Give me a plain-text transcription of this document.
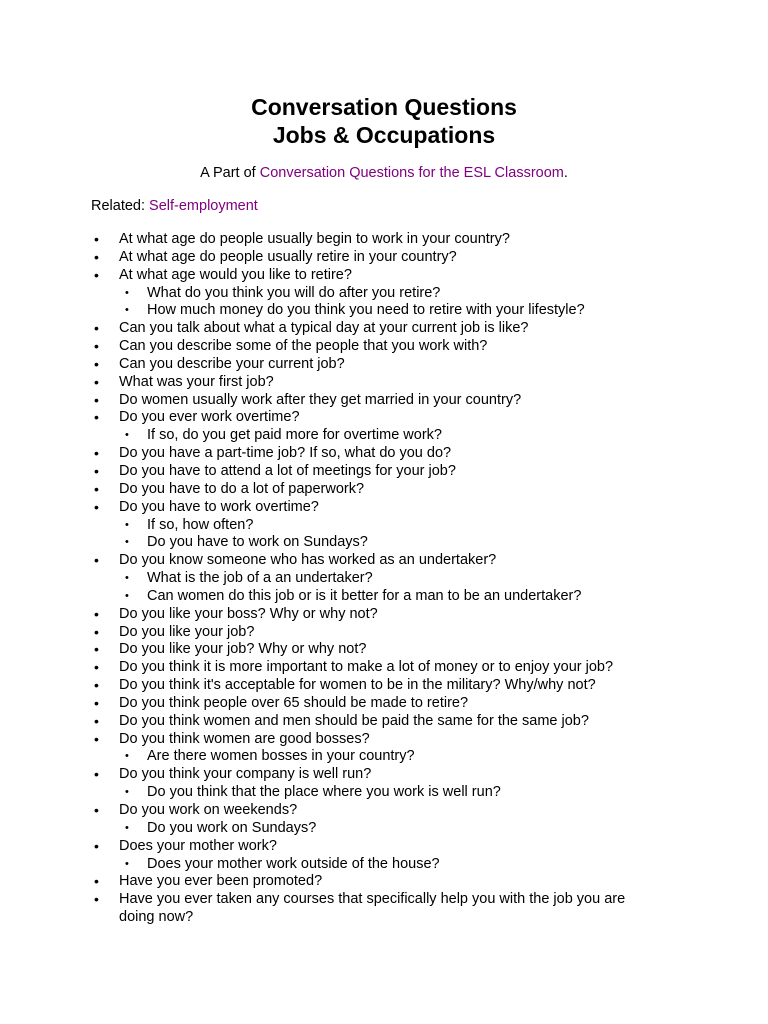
Conversation Questions
Jobs & Occupations
A Part of Conversation Questions for the ESL Classroom.
Related: Self-employment
• At what age do people usually begin to work in your country?
• At what age do people usually retire in your country?
• At what age would you like to retire?
• What do you think you will do after you retire?
• How much money do you think you need to retire with your lifestyle?
• Can you talk about what a typical day at your current job is like?
• Can you describe some of the people that you work with?
• Can you describe your current job?
• What was your first job?
• Do women usually work after they get married in your country?
• Do you ever work overtime?
• If so, do you get paid more for overtime work?
• Do you have a part-time job? If so, what do you do?
• Do you have to attend a lot of meetings for your job?
• Do you have to do a lot of paperwork?
• Do you have to work overtime?
• If so, how often?
• Do you have to work on Sundays?
• Do you know someone who has worked as an undertaker?
• What is the job of a an undertaker?
• Can women do this job or is it better for a man to be an undertaker?
• Do you like your boss? Why or why not?
• Do you like your job?
• Do you like your job? Why or why not?
• Do you think it is more important to make a lot of money or to enjoy your job?
• Do you think it's acceptable for women to be in the military? Why/why not?
• Do you think people over 65 should be made to retire?
• Do you think women and men should be paid the same for the same job?
• Do you think women are good bosses?
• Are there women bosses in your country?
• Do you think your company is well run?
• Do you think that the place where you work is well run?
• Do you work on weekends?
• Do you work on Sundays?
• Does your mother work?
• Does your mother work outside of the house?
• Have you ever been promoted?
• Have you ever taken any courses that specifically help you with the job you are doing now?
